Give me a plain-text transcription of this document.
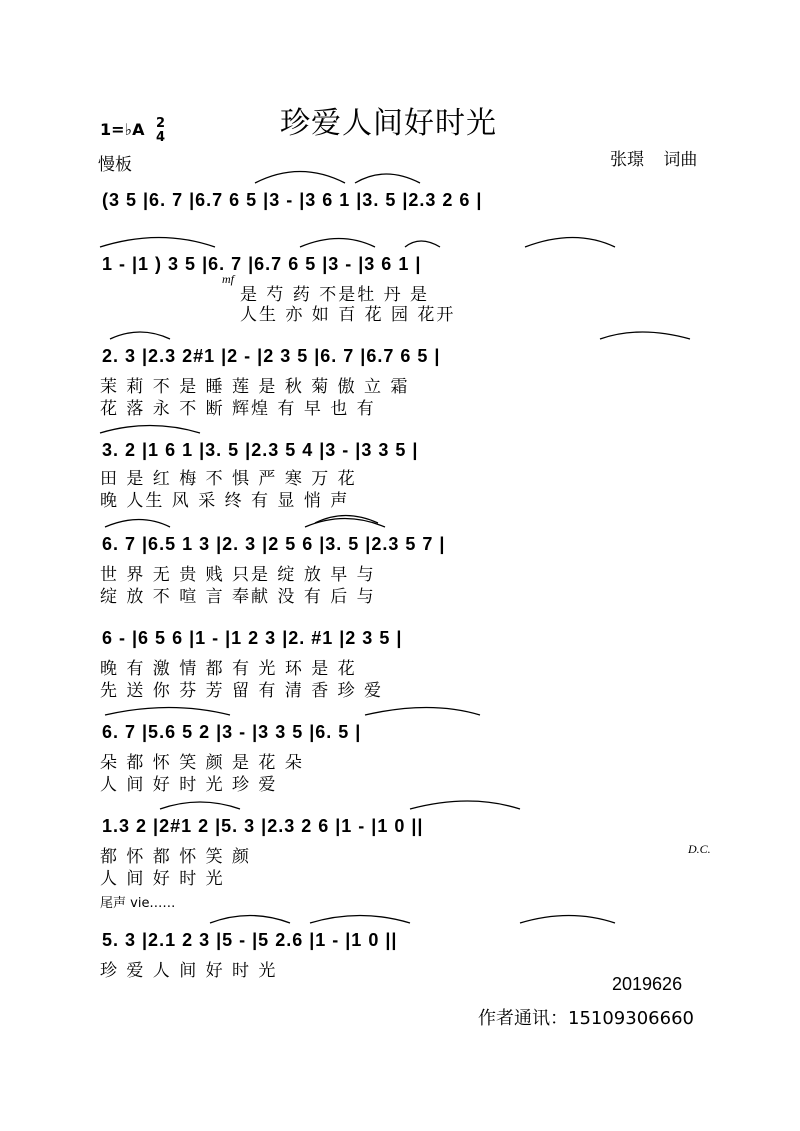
珍爱人间好时光
1=♭A 2
4
慢板	张璟 词曲
(3 5 |6. 7 |6.7 6 5 |3 - |3 6 1 |3. 5 |2.3 2 6 |
1 - |1 ) 3 5 |6. 7 |6.7 6 5 |3 - |3 6 1 |
mf
是 芍 药 不是牡 丹 是
人生 亦 如 百 花 园 花开
2. 3 |2.3 2#1 |2 - |2 3 5 |6. 7 |6.7 6 5 |
茉 莉 不 是 睡 莲 是 秋 菊 傲 立 霜
花 落 永 不 断 辉煌 有 早 也 有
3. 2 |1 6 1 |3. 5 |2.3 5 4 |3 - |3 3 5 |
田 是 红 梅 不 惧 严 寒 万 花
晚 人生 风 采 终 有 显 悄 声
6. 7 |6.5 1 3 |2. 3 |2 5 6 |3. 5 |2.3 5 7 |
世 界 无 贵 贱 只是 绽 放 早 与
绽 放 不 喧 言 奉献 没 有 后 与
6 - |6 5 6 |1 - |1 2 3 |2. #1 |2 3 5 |
晚 有 激 情 都 有 光 环 是 花
先 送 你 芬 芳 留 有 清 香 珍 爱
6. 7 |5.6 5 2 |3 - |3 3 5 |6. 5 |
朵 都 怀 笑 颜 是 花 朵
人 间 好 时 光 珍 爱
1.3 2 |2#1 2 |5. 3 |2.3 2 6 |1 - |1 0 ||
D.C.
都 怀 都 怀 笑 颜
人 间 好 时 光
尾声 vie……
5. 3 |2.1 2 3 |5 - |5 2.6 |1 - |1 0 ||
珍 爱 人 间 好 时 光
2019626
作者通讯：15109306660
